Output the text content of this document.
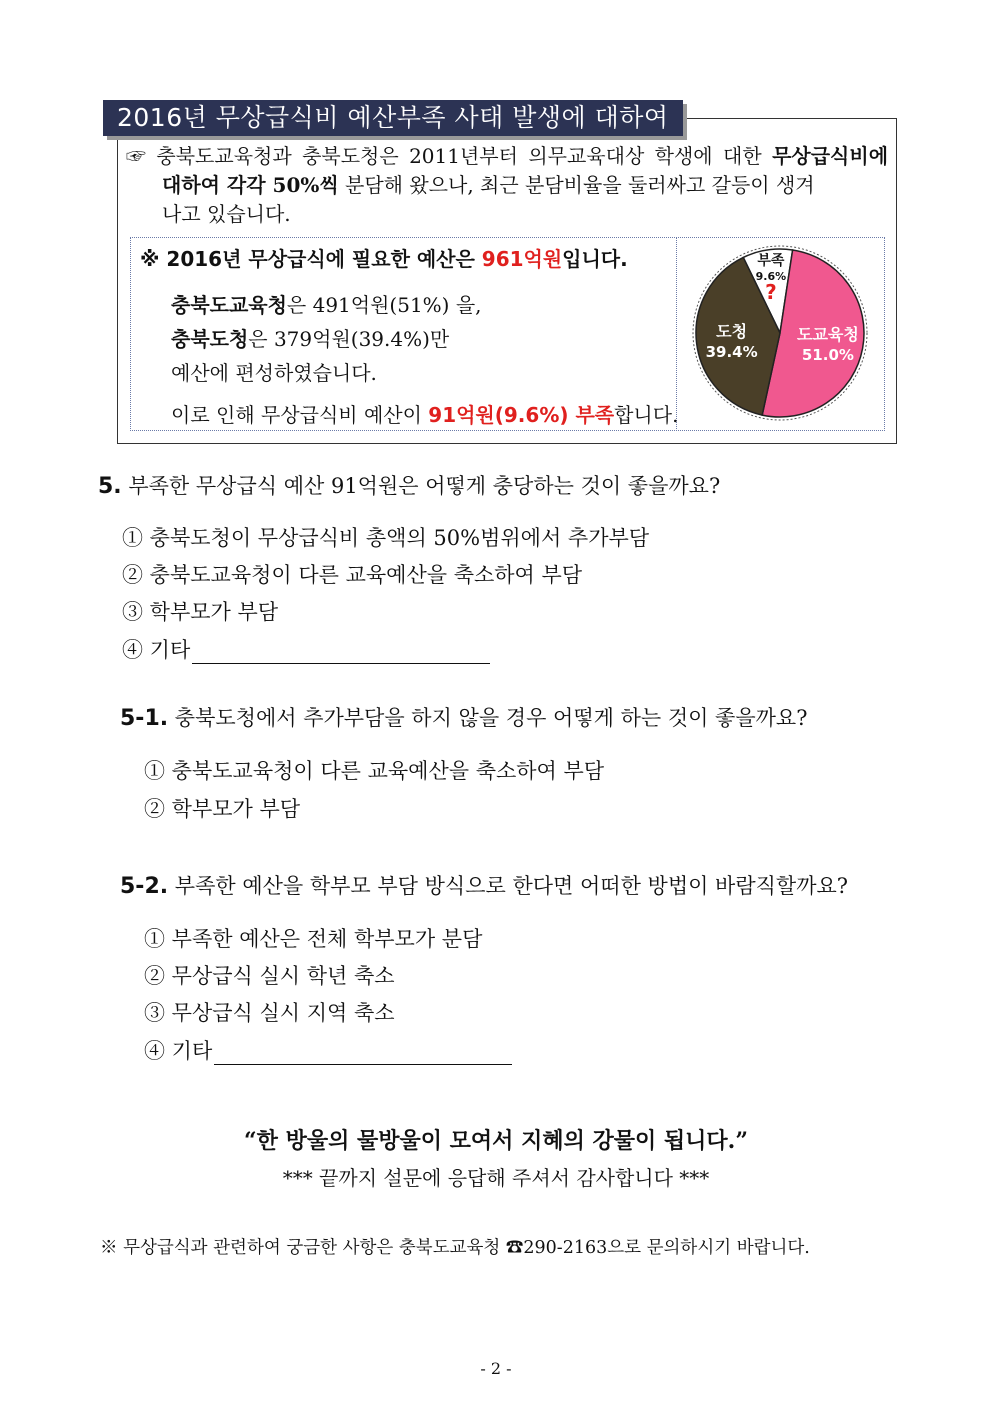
2016년 무상급식비 예산부족 사태 발생에 대하여
☞ 충북도교육청과 충북도청은 2011년부터 의무교육대상 학생에 대한 무상급식비에
대하여 각각 50%씩 분담해 왔으나, 최근 분담비율을 둘러싸고 갈등이 생겨
나고 있습니다.
※ 2016년 무상급식에 필요한 예산은 961억원입니다.
충북도교육청은 491억원(51%) 을,
충북도청은 379억원(39.4%)만
예산에 편성하였습니다.
이로 인해 무상급식비 예산이 91억원(9.6%) 부족합니다.
도교육청
51.0%
도청
39.4%
부족
9.6%
?
5. 부족한 무상급식 예산 91억원은 어떻게 충당하는 것이 좋을까요?
① 충북도청이 무상급식비 총액의 50%범위에서 추가부담
② 충북도교육청이 다른 교육예산을 축소하여 부담
③ 학부모가 부담
④ 기타
5-1. 충북도청에서 추가부담을 하지 않을 경우 어떻게 하는 것이 좋을까요?
① 충북도교육청이 다른 교육예산을 축소하여 부담
② 학부모가 부담
5-2. 부족한 예산을 학부모 부담 방식으로 한다면 어떠한 방법이 바람직할까요?
① 부족한 예산은 전체 학부모가 분담
② 무상급식 실시 학년 축소
③ 무상급식 실시 지역 축소
④ 기타
“한 방울의 물방울이 모여서 지혜의 강물이 됩니다.”
*** 끝까지 설문에 응답해 주셔서 감사합니다 ***
※ 무상급식과 관련하여 궁금한 사항은 충북도교육청 ☎290-2163으로 문의하시기 바랍니다.
- 2 -
